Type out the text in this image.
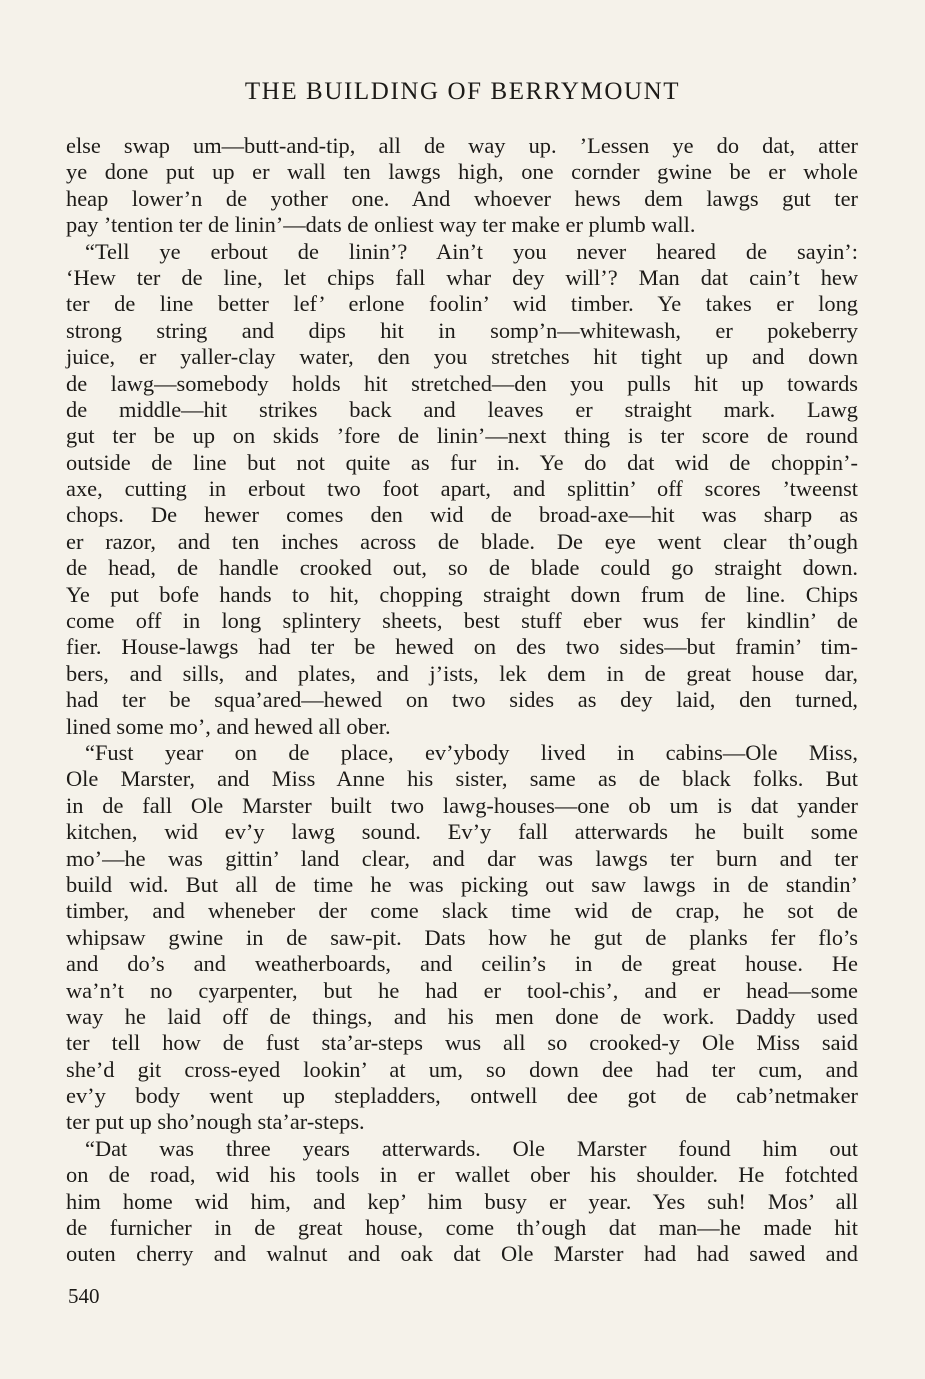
THE BUILDING OF BERRYMOUNT
else swap um—butt-and-tip, all de way up. ’Lessen ye do dat, atter
ye done put up er wall ten lawgs high, one cornder gwine be er whole
heap lower’n de yother one. And whoever hews dem lawgs gut ter
pay ’tention ter de linin’—dats de onliest way ter make er plumb wall.
“Tell ye erbout de linin’? Ain’t you never heared de sayin’:
‘Hew ter de line, let chips fall whar dey will’? Man dat cain’t hew
ter de line better lef’ erlone foolin’ wid timber. Ye takes er long
strong string and dips hit in somp’n—whitewash, er pokeberry
juice, er yaller-clay water, den you stretches hit tight up and down
de lawg—somebody holds hit stretched—den you pulls hit up towards
de middle—hit strikes back and leaves er straight mark. Lawg
gut ter be up on skids ’fore de linin’—next thing is ter score de round
outside de line but not quite as fur in. Ye do dat wid de choppin’-
axe, cutting in erbout two foot apart, and splittin’ off scores ’tweenst
chops. De hewer comes den wid de broad-axe—hit was sharp as
er razor, and ten inches across de blade. De eye went clear th’ough
de head, de handle crooked out, so de blade could go straight down.
Ye put bofe hands to hit, chopping straight down frum de line. Chips
come off in long splintery sheets, best stuff eber wus fer kindlin’ de
fier. House-lawgs had ter be hewed on des two sides—but framin’ tim-
bers, and sills, and plates, and j’ists, lek dem in de great house dar,
had ter be squa’ared—hewed on two sides as dey laid, den turned,
lined some mo’, and hewed all ober.
“Fust year on de place, ev’ybody lived in cabins—Ole Miss,
Ole Marster, and Miss Anne his sister, same as de black folks. But
in de fall Ole Marster built two lawg-houses—one ob um is dat yander
kitchen, wid ev’y lawg sound. Ev’y fall atterwards he built some
mo’—he was gittin’ land clear, and dar was lawgs ter burn and ter
build wid. But all de time he was picking out saw lawgs in de standin’
timber, and wheneber der come slack time wid de crap, he sot de
whipsaw gwine in de saw-pit. Dats how he gut de planks fer flo’s
and do’s and weatherboards, and ceilin’s in de great house. He
wa’n’t no cyarpenter, but he had er tool-chis’, and er head—some
way he laid off de things, and his men done de work. Daddy used
ter tell how de fust sta’ar-steps wus all so crooked-y Ole Miss said
she’d git cross-eyed lookin’ at um, so down dee had ter cum, and
ev’y body went up stepladders, ontwell dee got de cab’netmaker
ter put up sho’nough sta’ar-steps.
“Dat was three years atterwards. Ole Marster found him out
on de road, wid his tools in er wallet ober his shoulder. He fotchted
him home wid him, and kep’ him busy er year. Yes suh! Mos’ all
de furnicher in de great house, come th’ough dat man—he made hit
outen cherry and walnut and oak dat Ole Marster had had sawed and
540
